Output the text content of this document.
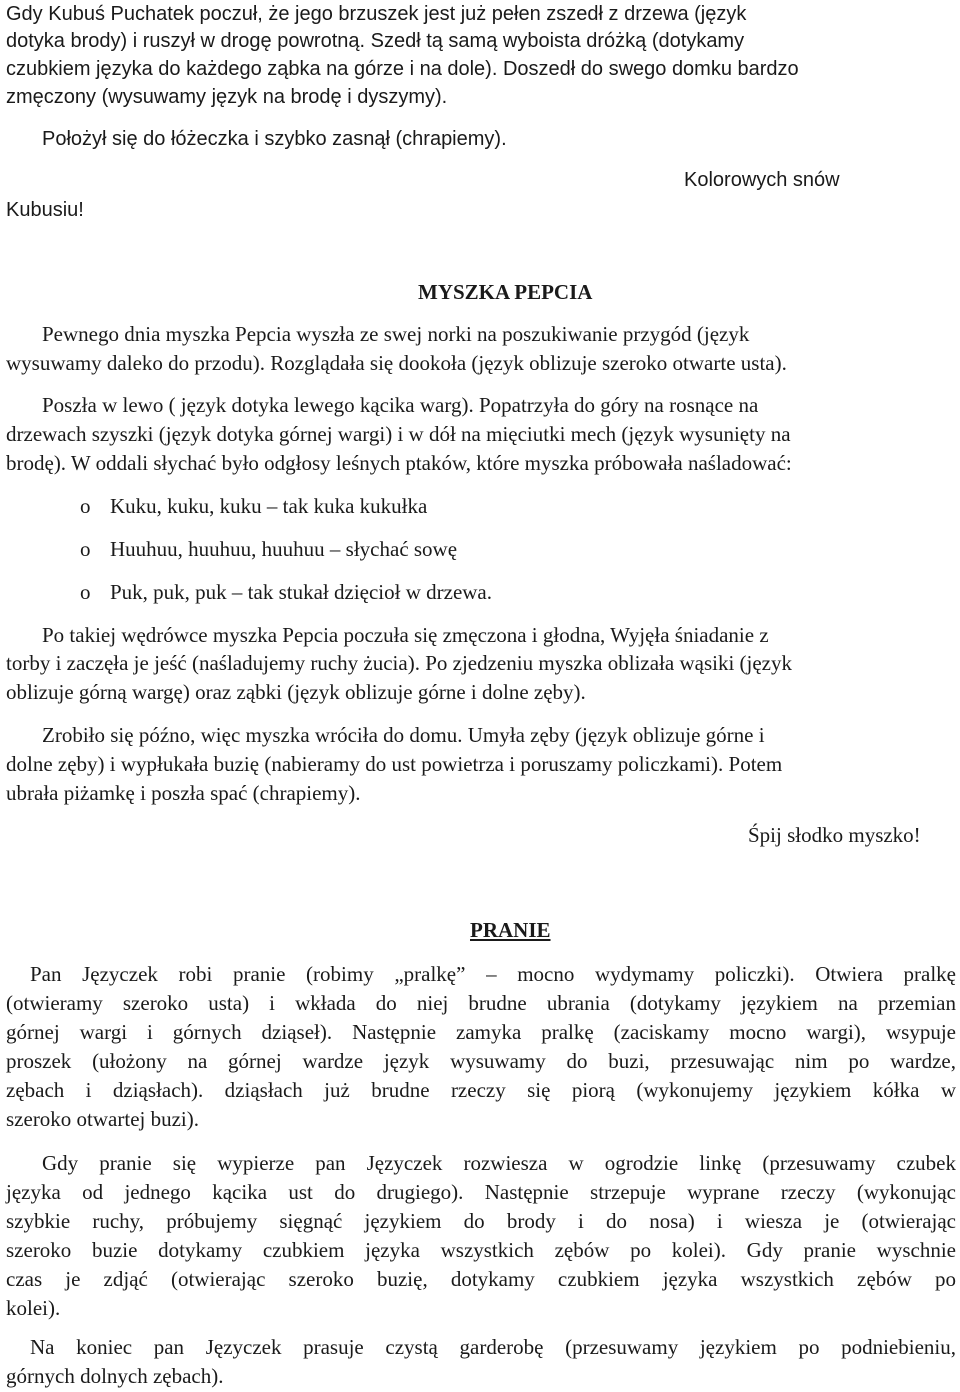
Gdy Kubuś Puchatek poczuł, że jego brzuszek jest już pełen zszedł z drzewa (język

dotyka brody) i ruszył w drogę powrotną. Szedł tą samą wyboista dróżką (dotykamy

czubkiem języka do każdego ząbka na górze i na dole). Doszedł do swego domku bardzo

zmęczony (wysuwamy język na brodę i dyszymy).

Położył się do łóżeczka i szybko zasnął (chrapiemy).

Kolorowych snów

Kubusiu!

MYSZKA PEPCIA

Pewnego dnia myszka Pepcia wyszła ze swej norki na poszukiwanie przygód (język

wysuwamy daleko do przodu). Rozglądała się dookoła (język oblizuje szeroko otwarte usta).

Poszła w lewo ( język dotyka lewego kącika warg). Popatrzyła do góry na rosnące na

drzewach szyszki (język dotyka górnej wargi) i w dół na mięciutki mech (język wysunięty na

brodę). W oddali słychać było odgłosy leśnych ptaków, które myszka próbowała naśladować:

o Kuku, kuku, kuku – tak kuka kukułka
o Huuhuu, huuhuu, huuhuu – słychać sowę
o Puk, puk, puk – tak stukał dzięcioł w drzewa.

Po takiej wędrówce myszka Pepcia poczuła się zmęczona i głodna, Wyjęła śniadanie z

torby i zaczęła je jeść (naśladujemy ruchy żucia). Po zjedzeniu myszka oblizała wąsiki (język

oblizuje górną wargę) oraz ząbki (język oblizuje górne i dolne zęby).

Zrobiło się późno, więc myszka wróciła do domu. Umyła zęby (język oblizuje górne i

dolne zęby) i wypłukała buzię (nabieramy do ust powietrza i poruszamy policzkami). Potem

ubrała piżamkę i poszła spać (chrapiemy).

Śpij słodko myszko!

PRANIE

Pan Języczek robi pranie (robimy „pralkę” – mocno wydymamy policzki). Otwiera pralkę

(otwieramy szeroko usta) i wkłada do niej brudne ubrania (dotykamy językiem na przemian

górnej wargi i górnych dziąseł). Następnie zamyka pralkę (zaciskamy mocno wargi), wsypuje

proszek (ułożony na górnej wardze język wysuwamy do buzi, przesuwając nim po wardze,

zębach i dziąsłach). dziąsłach już brudne rzeczy się piorą (wykonujemy językiem kółka w

szeroko otwartej buzi).

Gdy pranie się wypierze pan Języczek rozwiesza w ogrodzie linkę (przesuwamy czubek

języka od jednego kącika ust do drugiego). Następnie strzepuje wyprane rzeczy (wykonując

szybkie ruchy, próbujemy sięgnąć językiem do brody i do nosa) i wiesza je (otwierając

szeroko buzie dotykamy czubkiem języka wszystkich zębów po kolei). Gdy pranie wyschnie

czas je zdjąć (otwierając szeroko buzię, dotykamy czubkiem języka wszystkich zębów po

kolei).

Na koniec pan Języczek prasuje czystą garderobę (przesuwamy językiem po podniebieniu,

górnych dolnych zębach).
